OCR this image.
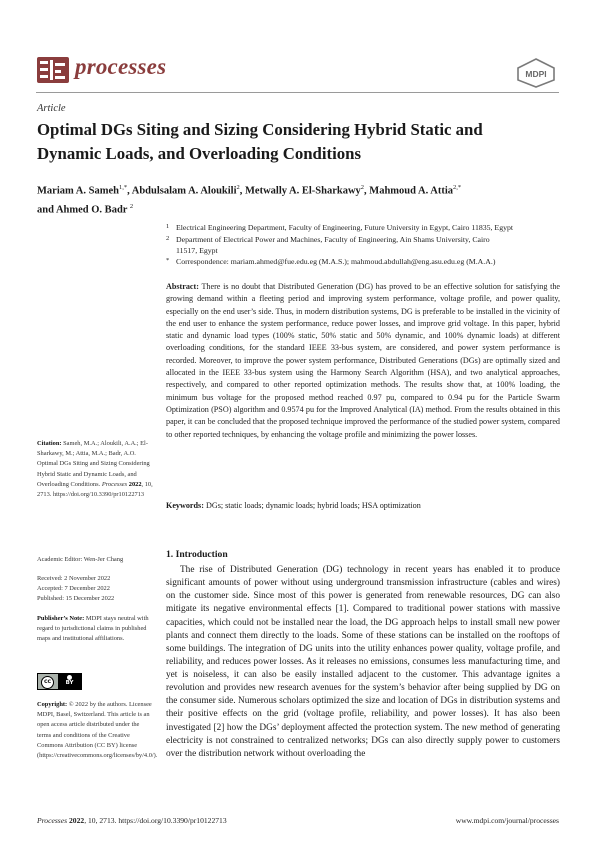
processes	MDPI
Article
Optimal DGs Siting and Sizing Considering Hybrid Static and
Dynamic Loads, and Overloading Conditions
Mariam A. Sameh$^{1,*}$, Abdulsalam A. Aloukili$^2$, Metwally A. El-Sharkawy$^2$, Mahmoud A. Attia$^{2,*}$
and Ahmed O. Badr $^2$
1 Electrical Engineering Department, Faculty of Engineering, Future University in Egypt, Cairo 11835, Egypt
2 Department of Electrical Power and Machines, Faculty of Engineering, Ain Shams University, Cairo 11517, Egypt
* Correspondence: mariam.ahmed@fue.edu.eg (M.A.S.); mahmoud.abdullah@eng.asu.edu.eg (M.A.A.)
Abstract: There is no doubt that Distributed Generation (DG) has proved to be an effective solution for satisfying the growing demand within a fleeting period and improving system performance, voltage profile, and power quality, especially on the end user’s side. Thus, in modern distribution systems, DG is preferable to be installed in the vicinity of the end user to enhance the system performance, reduce power losses, and improve grid voltage. In this paper, hybrid static and dynamic load types (100% static, 50% static and 50% dynamic, and 100% dynamic loads) at different overloading conditions, for the standard IEEE 33-bus system, are considered, and power system performance is recorded. Moreover, to improve the power system performance, Distributed Generations (DGs) are optimally sized and allocated in the IEEE 33-bus system using the Harmony Search Algorithm (HSA), and two analytical approaches, respectively, and compared to other reported optimization methods. The results show that, at 100% loading, the minimum bus voltage for the proposed method reached 0.97 pu, compared to 0.94 pu for the Particle Swarm Optimization (PSO) algorithm and 0.9574 pu for the Improved Analytical (IA) method. From the results obtained in this paper, it can be concluded that the proposed technique improved the performance of the studied power system, compared to other reported techniques, by enhancing the voltage profile and minimizing the power losses.
Keywords: DGs; static loads; dynamic loads; hybrid loads; HSA optimization
Citation: Sameh, M.A.; Aloukili, A.A.; El-Sharkawy, M.; Attia, M.A.; Badr, A.O. Optimal DGs Siting and Sizing Considering Hybrid Static and Dynamic Loads, and Overloading Conditions. Processes 2022, 10, 2713. https://doi.org/10.3390/pr10122713
Academic Editor: Wen-Jer Chang
Received: 2 November 2022
Accepted: 7 December 2022
Published: 15 December 2022
Publisher’s Note: MDPI stays neutral with regard to jurisdictional claims in published maps and institutional affiliations.
cc	BY
Copyright: © 2022 by the authors. Licensee MDPI, Basel, Switzerland. This article is an open access article distributed under the terms and conditions of the Creative Commons Attribution (CC BY) license (https://creativecommons.org/licenses/by/4.0/).
1. Introduction

The rise of Distributed Generation (DG) technology in recent years has enabled it to produce significant amounts of power without using underground transmission infrastructure (cables and wires) on the customer side. Since most of this power is generated from renewable resources, DG can also mitigate its negative environmental effects [1]. Compared to traditional power stations with massive capacities, which could not be installed near the load, the DG approach helps to install small new power plants and connect them directly to the loads. Some of these stations can be installed on the rooftops of some buildings. The integration of DG units into the utility enhances power quality, voltage profile, and reliability, and reduces power losses. As it releases no emissions, consumes less manufacturing time, and yet is noiseless, it can also be easily installed adjacent to the customer. This advantage ignites a revolution and provides new research avenues for the system’s behavior after being supplied by DG on the consumer side. Numerous scholars optimized the size and location of DGs in distribution systems and their positive effects on the grid (voltage profile, reliability, and power losses). It has also been investigated [2] how the DGs’ deployment affected the protection system. The new method of generating electricity is not constrained to centralized networks; DGs can also directly supply power to customers over the distribution network without overloading the

Processes 2022, 10, 2713. https://doi.org/10.3390/pr10122713	www.mdpi.com/journal/processes
